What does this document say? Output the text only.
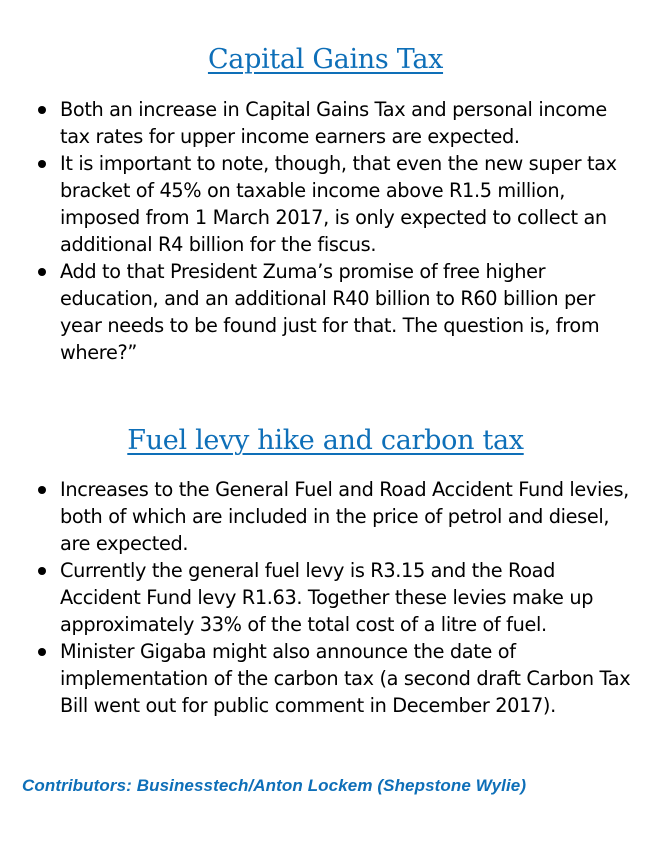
Capital Gains Tax
Both an increase in Capital Gains Tax and personal income tax rates for upper income earners are expected.
It is important to note, though, that even the new super tax bracket of 45% on taxable income above R1.5 million, imposed from 1 March 2017, is only expected to collect an additional R4 billion for the fiscus.
Add to that President Zuma’s promise of free higher education, and an additional R40 billion to R60 billion per year needs to be found just for that. The question is, from where?”
Fuel levy hike and carbon tax
Increases to the General Fuel and Road Accident Fund levies, both of which are included in the price of petrol and diesel, are expected.
Currently the general fuel levy is R3.15 and the Road Accident Fund levy R1.63. Together these levies make up approximately 33% of the total cost of a litre of fuel.
Minister Gigaba might also announce the date of implementation of the carbon tax (a second draft Carbon Tax Bill went out for public comment in December 2017).
Contributors: Businesstech/Anton Lockem (Shepstone Wylie)
